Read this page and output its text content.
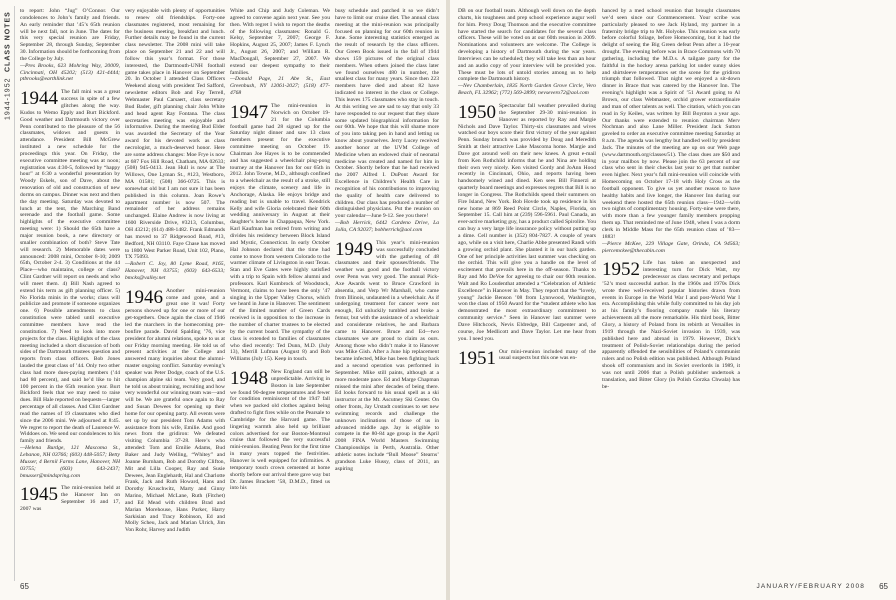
1944-1952
CLASS NOTES to report: John “Jug” O’Connor. Our condolences to John’s family and friends. An early reminder that ’45’s 65th reunion will be next fall, not in June. The dates for this very special reunion are Friday, September 28, through Sunday, September 30. Information should be forthcoming from the College by July.

—Pres Brooks, 623 Mohring Way, 20009, Cincinnati, OH 45202; (513) 421-4444; ptbrooks@earthlink.net

1944 The fall mini was a great success in spite of a few glitches along the way. Kudos to Wemo Epply and Burt Bickford. Good weather and Dartmouth victory over Penn contributed to the pleasure of the 56 classmates, widows and guests in attendance. President Bill McGrew instituted a new schedule for the proceedings this year. On Friday, the executive committee meeting was at noon; registration was 4:30-5, followed by “happy hour” at 6:30 a wonderful presentation by Woody Eskels, son of Dave, about the renovation of old and construction of new dorms on campus. Dinner was next and then the day meeting. Saturday was devoted to lunch at the tent, the Marching Band serenade and the football game. Some highlights of the executive committee meeting were: 1) Should the 65th have a major reunion book, a new directory or smaller combination of both? Steve Tate will research. 2) Memorable dates were announced: 2008 mini, October 8-10; 2009 65th, October 2-4. 3) Conditions at the 44 Place—who maintains, college or class? Clint Gardner will report on needs and who will meet them. 4) Bill Nash agreed to extend his term as gift planning officer. 5) No Florida minis in the works; class will publicize and promote if someone organizes one. 6) Possible amendments to class constitution were tabled until executive committee members have read the constitution. 7) Need to look into more projects for the class. Highlights of the class meeting included a short discussion of both sides of the Dartmouth trustees question and reports from class officers. Bob Jones lauded the great class of ’44. Only two other class had more dues-paying members (’44 had 80 percent), and said he’d like to hit 100 percent in the 65th reunion year. Burt Bickford feels that we may need to raise dues. Bill Hale reported on bequests—larger percentage of all classes. And Clint Gardner read the names of 19 classmates who died since the 2006 mini. We adjourned at 8:45. We regret to report the death of Laurence W. Widdoes on. We send our condolences to his family and friends.

—Helena Burdge, 121 Mascoma St., Lebanon, NH 03766; (603) 448-5057; Betty Musser, 4 Bernil Farms Lane, Hanover, NH 03755; (603) 643-2437; bmusser@mindspring.com

1945 The mini-reunion held at the Hanover Inn on September 16 and 17, 2007 was

very enjoyable with plenty of opportunities to renew old friendships. Forty-one classmates registered, most remaining for the business meeting, breakfast and lunch. Further details may be found in the current class newsletter. The 2008 mini will take place on September 21 and 22 and will follow this year’s format. For those interested, the Dartmouth-UNH football game takes place in Hanover on September 20. In October I attended Class Officers Weekend along with president Ted Safford, newsletter editors Bob and Fay Terrell, Webmaster Paul Carsaert, class secretary Bud Bader, gift planning chair John White and head agent Ray Fontana. The class secretaries meeting was enjoyable and informative. During the meeting Bud Elder was awarded the Secretary of the Year award for his devoted work as class necrologist, a much-deserved honor. Here are some address changes: Moe Frye is now at 687 Fox Hill Road, Chatham, MA 02633; (508) 945-0413. Jean Hull is now at The Willows, One Lyman St., #123, Westboro, MA 01581; (508) 366-0725. This is somewhat old but I am not sure it has been published in this column. Joan Rowe’s apartment number is now 507. The remainder of her address remains unchanged. Elaine Andrew is now living at 1600 Riverside Drive, #3213, Columbus, OH 43212; (614) 488-1482. Frank Edmands has moved to 37 Ridgewood Road, #13, Bedford, NH 03110. Faye Chase has moved to 1800 West Parker Road, Unit 102, Plano, TX 75093.

—Robert C. Joy, 80 Lyme Road, #165, Hanover, NH 03755; (603) 643-6533; bmcks@valley.net

1946 Another mini-reunion come and gone, and a great one it was! Forty persons showed up for one or more of our get-togethers. Once again the class of 1946 led the marchers in the homecoming pre-bonfire parade. David Spalding ’76, vice president for alumni relations, spoke to us at our Friday morning meeting. He told us of present activities at the College and answered many inquiries about the alumni-master ongoing conflict. Saturday evening’s speaker was Peter Dodge, coach of the U.S. champion alpine ski team. Very good, and he told us about training, recruiting and how very wonderful our winning team was—and will be. We are grateful once again to Ray and Susan Dewees for opening up their home for our opening party. All events were set up by our president Tom Adams with assistance from his wife, Emilie. And good news from the gridiron: We defeated visiting Columbia 37-28. Here’s who attended: Tom and Emilie Adams, Bud Baker and Judy Welling, “Whitey” and Joanne Burnham, Bob and Dorothy Clifton, Mit and Lilla Cooper, Ray and Susie Dewees, Jean Englehardt, Hal and Charlotte Frank, Jack and Ruth Howard, Hans and Dorothy Kruschwitz, Marty and Ginny Marino, Michael McLane, Ruth (Fitchet) and Ed Mead with children Brad and Marian Morehouse, Hans Parker, Harry Sarkisian and Tracy Robinson, Ed and Molly Scheu, Jack and Marian Ulrich, Jim Von Rohr, Harvey and Judith

White and Chip and Judy Coleman. We agreed to convene again next year. See you then. With regret I wish to report the deaths of the following classmates: Ronald G. Kelsy, September 7, 2007; George F. Hopkins, August 25, 2007; James F. Lynch Jr., August 26, 2007; and William R. MacDougall, September 27, 2007. We extend our deepest sympathy to their families.

—Donald Page, 21 Abe St., East Greenbush, NY 12061-2027; (518) 477-4768

1947 The mini-reunion in Norwich on October 19-21 for the Columbia football game had 28 signed up for the Saturday night dinner and saw 13 class members present for the executive committee meeting on October 19. Chairman Joe Hayes is to be commended and has suggested a wheelchair ping-pong tourney at the Hanover Inn for our 65th in 2012. John Towne, M.D., although confined to a wheelchair as the result of a stroke, still enjoys the climate, scenery and life in Anchorage, Alaska. He enjoys bridge and reading but is unable to travel. Kendrick Kelly and wife Gloria celebrated their 60th wedding anniversary in August at their daughter’s home in Chappaqua, New York. Karl Kaufman has retired from writing and divides his residency between Block Island and Mystic, Connecticut. In early October Hal Johnson declared that the time had come to move from western Colorado to the warmer climate of Livingston in east Texas. Stan and Eve Gates were highly satisfied with a trip to Spain with fellow alumni and professors. Karl Kumbrock of Woodstock, Vermont, claims to have been the only ’47 singing in the Upper Valley Chorus, which we heard in June in Hanover. The sentiment of the limited number of Green Cards received is in opposition to the increase in the number of charter trustees to be elected by the current board. The sympathy of the class is extended to families of classmates who died recently: Ted Dunn, M.D. (July 13), Merrill Lufman (August 8) and Bob Williams (July 15). Keep in touch.

1948 New England can still be unpredictable. Arriving in Boston in late September we found 90-degree temperatures and fewer for condition reminiscent of the 1947 fall when we packed old clothes against being drafted to fight fires while on the Pearsale to Cambridge for the Harvard game. The lingering warmth also held up brilliant colors advertised for our Boston-Montreal cruise that followed the very successful mini-reunion. Beating Penn for the first time in many years topped the festivities. Hanover is well equipped for infirmities. A temporary touch crown cemented at home shortly before our arrival there gave way but Dr. James Brackett ’58, D.M.D., fitted us into his

busy schedule and patched it so we didn’t have to limit our cruise diet. The annual class meeting at the mini-reunion was principally focused on planning for our 60th reunion in June. Some interesting statistics emerged as the result of research by the class officers. Our Green Book issued in the fall of 1944 shows 159 pictures of the original class members. When others joined the class later we found ourselves 480 in number, the smallest class for many years. Since then 223 members have died and about 82 have indicated no interest in the class or College. This leaves 175 classmates who stay in touch. At this writing we are sad to say that only 33 have responded to our request that they share some updated biographical information for our 60th. We hope that this will shame more of you into taking pen in hand and letting us know about yourselves. Jerry Lucey received another honor at the UVM College of Medicine when an endowed chair of neonatal medicine was created and named for him in October. Shortly before that he had received the 2007 Alfred I. DuPont Award for Excellence in Children’s Health Care in recognition of his contributions to improving the quality of health care delivered to children. Our class has produced a number of distinguished physicians. Put the reunion on your calendar—June 9-12. See you there!

—Bob Herrick, 6442 Cardeno Drive, La Jolla, CA 92037; bobherrick@aol.com

1949 This year’s mini-reunion was successfully concluded with the gathering of 48 classmates and their spouses/friends. The weather was good and the football victory over Penn was very good. The annual Pick-Axe Awards went to Bruce Crawford in absentia, and Verp Wr Marshall, who came from Illinois, undaunted in a wheelchair. As if undergoing treatment for cancer were not enough, Ed unluckily tumbled and broke a femur, but with the assistance of a wheelchair and considerate relatives, he and Barbara came to Hanover. Bruce and Ed—two classmates we are proud to claim as ours. Among those who didn’t make it to Hanover was Mike Gish. After a June hip replacement became infected, Mike has been fighting back and a second operation was performed in September. Mike still paints, although at a more moderate pace. Ed and Marge Chapman missed the mini after decades of being there. Ed looks forward to his usual spell as a ski instructor at the Mt. Ascutney Ski Center. On other fronts, Jay Urstadt continues to set new swimming records and challenge the unknown inclinations of those of us in advanced middle age. Jay is eligible to compete in the 80-84 age group in the April 2008 FINA World Masters Swimming Championships in Perth, Australia. Other athletic notes include “Bull Moose” Stearns’ grandson Luke Hussy, class of 2011, an aspiring

65

DB on our football team. Although well down on the depth charts, his toughness and prep school experience augur well for him. Prexy Doug Thomson and the executive committee have started the search for candidates for the several class officers. These will be voted on at our 60th reunion in 2009. Nominations and volunteers are welcome. The College is developing a history of Dartmouth during the war years. Interviews can be scheduled; they will take less than an hour and an audio copy of your interview will be provided you. These must be lots of untold stories among us to help complete the Dartmouth history.

—Nev Chamberlain, 1835 North Garden Grove Circle, Vero Beach, FL 32962; (772) 569-2899; nevsevero72@aol.com

1950 Spectacular fall weather prevailed during the September 29-30 mini-reunion in Hanover as reported by Ray and Margie Nichols and Dave Taylor. Thirty-six classmates and wives watched our boys score their first victory of the year against Penn. Sunday brunch was provided by Doug and Meredith Smith at their attractive Lake Mascoma home. Margie and Dave got around well on their new knees. A great e-mail from Ken Rothchild informs that he and Nina are holding their own very nicely. Ken visited Gordy and JoAnn Hood recently in Cincinnati, Ohio, and reports having been handsomely wined and dined. Ken sees Bill Finnerzi at quarterly board meetings and expresses regrets that Bill is no longer in Congress. The Rothchilds spend their summers on Fire Island, New York. Bob Hovde took up residence in his new home at 869 Reed Point Circle, Naples, Florida, on September 15. Call him at (239) 596-5961. Paul Canada, an ever-active marketing guy, has a product called Spirolite. You can buy a very large life insurance policy without putting up a dime. Cell number is (352) 804-7827. A couple of years ago, while on a visit here, Charlie Abbe presented Randi with a growing orchid plant. She planted it in our back garden. One of her principle activities last summer was checking on the orchid. This will give you a handle on the level of excitement that prevails here in the off-season. Thanks to Ray and Mo DeVoe for agreeing to chair our 60th reunion. Walt and Ro Loudenthat attended a “Celebration of Athletic Excellence” in Hanover in May. They report that the “lovely, young” Jackie Benson ’08 from Lynnwood, Washington, won the class of 1950 Award for the “student athlete who has demonstrated the most extraordinary commitment to community service.” Seen in Hanover last summer were Dave Hitchcock, Nevis Eldredge, Bill Carpenter and, of course, Joe Medlicott and Dave Taylor. Let me hear from you. I need you.

1951 Our mini-reunion included many of the usual suspects but this one was en-

hanced by a med school reunion that brought classmates we’d seen since our Commencement. Your scribe was particularly pleased to see Jack Hyland, my partner in a fraternity bridge trip to Mt. Holyoke. This reunion was early before colorful foliage, before Homecoming, but it had the delight of seeing the Big Green defeat Penn after a 10-year drought. The evening before was in Brace Commons with 70 gathering, including the M.D.s. A tailgate party for the faithful in the hockey arena parking lot under sunny skies and shirtsleeve temperatures set the scene for the gridiron triumph that followed. That night we enjoyed a sit-down dinner in Brace that was catered by the Hanover Inn. The evening’s highlight was a Spirit of ’51 Award going to Al Brown, our class Webmaster, orchid grower extraordinaire and man of other talents as well. The citation, which you can read in Sy Keiles, was written by Bill Boynton a year ago. Our thanks were extended to reunion chairman Merv Nochman and also Lane Miller. President Jack Sutton gaveled to order an executive committee meeting Saturday at 8 a.m. The agenda was lengthy but handled well by president Jack. The minutes of the meeting are up on our Web page (www.dartmouth.org/classes/51). The class dues are $50 and in your mailbox by now. Please join the 63 percent of our class who sent in their checks last year to get that number even higher. Next year’s fall mini-reunion will coincide with Homecoming on October 17-18 with Holy Cross as the football opponent. To give us yet another reason to have healthy habits and live longer, the Hanover Inn during our weekend there hosted the 65th reunion class—1942—with two nights of complimentary housing. Forty-nine were there, with more than a few younger family members propping them up. That reminded me of June 1948, when I was a dorm clerk in Middle Mass for the 65th reunion class of ’83—1883!

—Pierce McKee, 229 Village Gate, Orinda, CA 94563; piercemckee@thecabin.com

1952 Life has taken an unexpected and interesting turn for Dick Watt, my predecessor as class secretary and perhaps ’52’s most successful author. In the 1960s and 1970s Dick wrote three well-received popular histories drawn from events in Europe in the World War I and post-World War I era. Accomplishing this while fully committed to his day job at his family’s flooring company made his literary achievements all the more remarkable. His third book, Bitter Glory, a history of Poland from its rebirth at Versailles in 1919 through the Nazi-Soviet invasion in 1939, was published here and abroad in 1979. However, Dick’s treatment of Polish-Soviet relationships during the period apparently offended the sensibilities of Poland’s communist rulers and no Polish edition was published. Although Poland shook off communism and its Soviet overlords in 1989, it was not until 2006 that a Polish publisher undertook a translation, and Bitter Glory (in Polish Gorzka Chwala) has be-

JANUARY/FEBRUARY 2008 65
